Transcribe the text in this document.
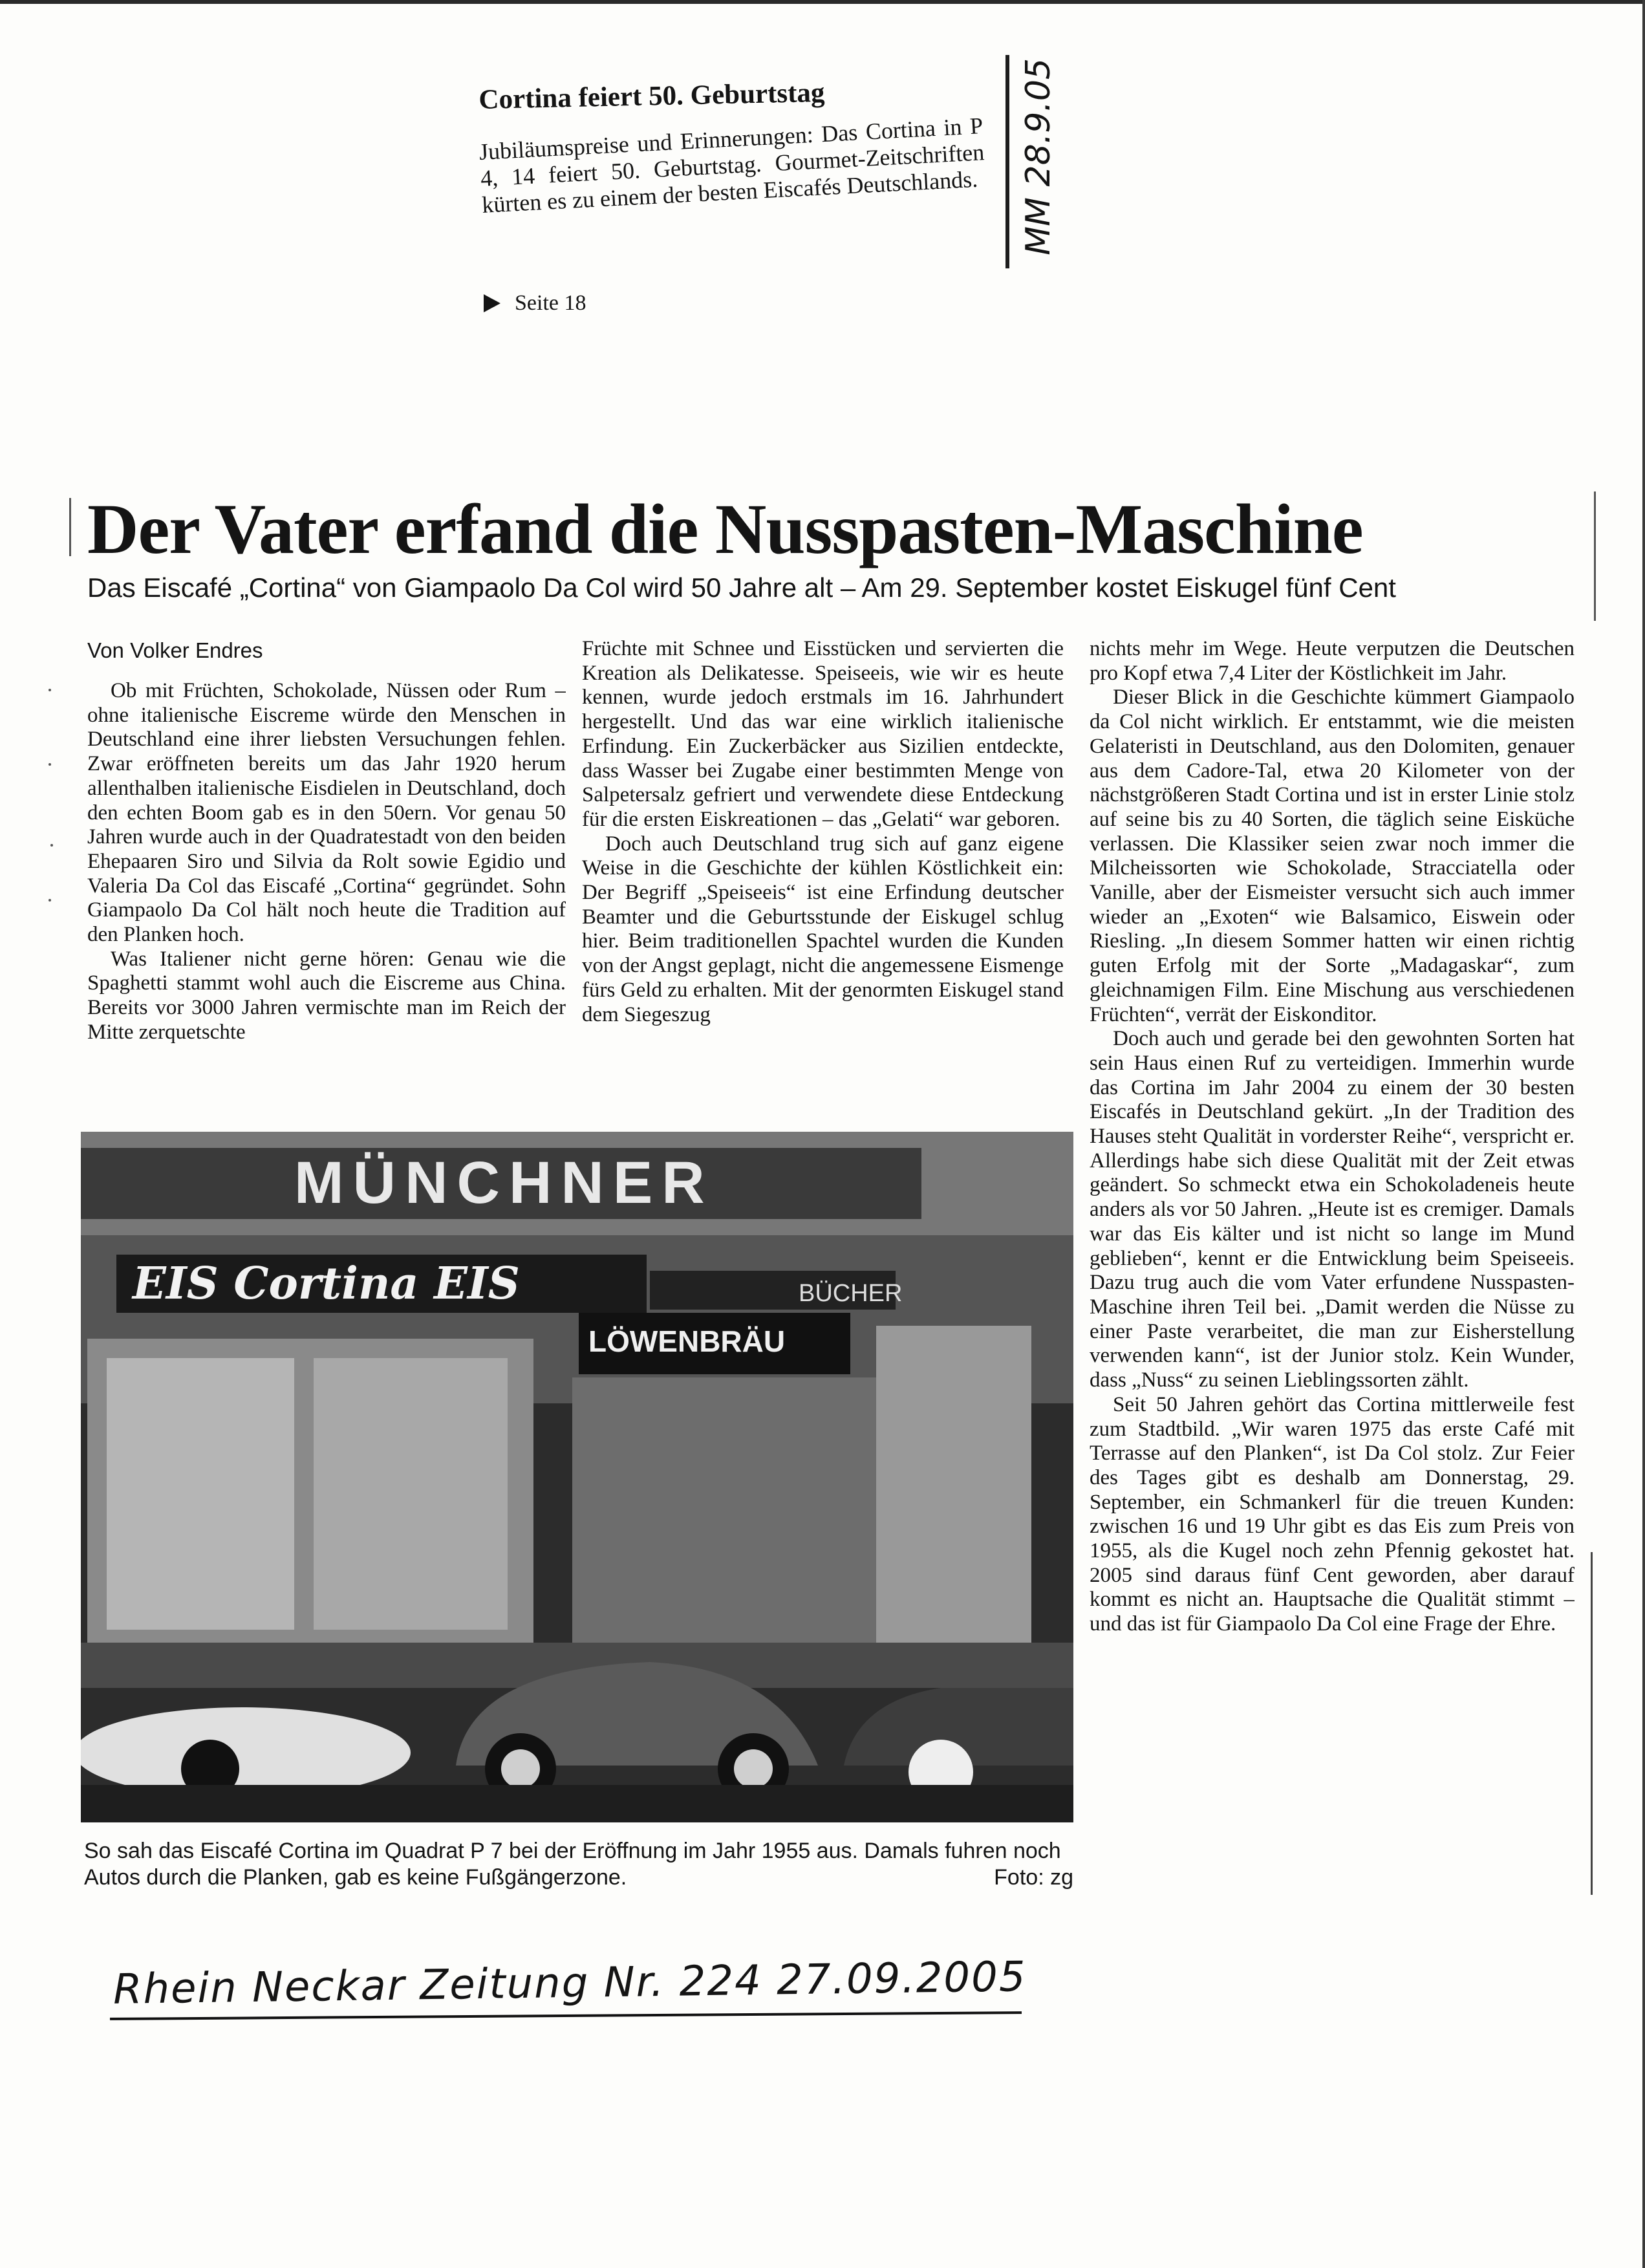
Cortina feiert 50. Geburtstag
Jubiläumspreise und Erinnerungen: Das Cortina in P 4, 14 feiert 50. Geburtstag. Gourmet-Zeitschriften kürten es zu einem der besten Eiscafés Deutschlands.
Seite 18
MM 28.9.05
Der Vater erfand die Nusspasten-Maschine
Das Eiscafé „Cortina“ von Giampaolo Da Col wird 50 Jahre alt – Am 29. September kostet Eiskugel fünf Cent
Von Volker Endres

Ob mit Früchten, Schokolade, Nüssen oder Rum – ohne italienische Eiscreme würde den Menschen in Deutschland eine ihrer liebsten Versuchungen fehlen. Zwar eröffneten bereits um das Jahr 1920 herum allenthalben italienische Eisdielen in Deutschland, doch den echten Boom gab es in den 50ern. Vor genau 50 Jahren wurde auch in der Quadratestadt von den beiden Ehepaaren Siro und Silvia da Rolt sowie Egidio und Valeria Da Col das Eiscafé „Cortina“ gegründet. Sohn Giampaolo Da Col hält noch heute die Tradition auf den Planken hoch.

Was Italiener nicht gerne hören: Genau wie die Spaghetti stammt wohl auch die Eiscreme aus China. Bereits vor 3000 Jahren vermischte man im Reich der Mitte zerquetschte

Früchte mit Schnee und Eisstücken und servierten die Kreation als Delikatesse. Speiseeis, wie wir es heute kennen, wurde jedoch erstmals im 16. Jahrhundert hergestellt. Und das war eine wirklich italienische Erfindung. Ein Zuckerbäcker aus Sizilien entdeckte, dass Wasser bei Zugabe einer bestimmten Menge von Salpetersalz gefriert und verwendete diese Entdeckung für die ersten Eiskreationen – das „Gelati“ war geboren.

Doch auch Deutschland trug sich auf ganz eigene Weise in die Geschichte der kühlen Köstlichkeit ein: Der Begriff „Speiseeis“ ist eine Erfindung deutscher Beamter und die Geburtsstunde der Eiskugel schlug hier. Beim traditionellen Spachtel wurden die Kunden von der Angst geplagt, nicht die angemessene Eismenge fürs Geld zu erhalten. Mit der genormten Eiskugel stand dem Siegeszug

nichts mehr im Wege. Heute verputzen die Deutschen pro Kopf etwa 7,4 Liter der Köstlichkeit im Jahr.

Dieser Blick in die Geschichte kümmert Giampaolo da Col nicht wirklich. Er entstammt, wie die meisten Gelateristi in Deutschland, aus den Dolomiten, genauer aus dem Cadore-Tal, etwa 20 Kilometer von der nächstgrößeren Stadt Cortina und ist in erster Linie stolz auf seine bis zu 40 Sorten, die täglich seine Eisküche verlassen. Die Klassiker seien zwar noch immer die Milcheissorten wie Schokolade, Stracciatella oder Vanille, aber der Eismeister versucht sich auch immer wieder an „Exoten“ wie Balsamico, Eiswein oder Riesling. „In diesem Sommer hatten wir einen richtig guten Erfolg mit der Sorte „Madagaskar“, zum gleichnamigen Film. Eine Mischung aus verschiedenen Früchten“, verrät der Eiskonditor.

Doch auch und gerade bei den gewohnten Sorten hat sein Haus einen Ruf zu verteidigen. Immerhin wurde das Cortina im Jahr 2004 zu einem der 30 besten Eiscafés in Deutschland gekürt. „In der Tradition des Hauses steht Qualität in vorderster Reihe“, verspricht er. Allerdings habe sich diese Qualität mit der Zeit etwas geändert. So schmeckt etwa ein Schokoladeneis heute anders als vor 50 Jahren. „Heute ist es cremiger. Damals war das Eis kälter und ist nicht so lange im Mund geblieben“, kennt er die Entwicklung beim Speiseeis. Dazu trug auch die vom Vater erfundene Nusspasten-Maschine ihren Teil bei. „Damit werden die Nüsse zu einer Paste verarbeitet, die man zur Eisherstellung verwenden kann“, ist der Junior stolz. Kein Wunder, dass „Nuss“ zu seinen Lieblingssorten zählt.

Seit 50 Jahren gehört das Cortina mittlerweile fest zum Stadtbild. „Wir waren 1975 das erste Café mit Terrasse auf den Planken“, ist Da Col stolz. Zur Feier des Tages gibt es deshalb am Donnerstag, 29. September, ein Schmankerl für die treuen Kunden: zwischen 16 und 19 Uhr gibt es das Eis zum Preis von 1955, als die Kugel noch zehn Pfennig gekostet hat. 2005 sind daraus fünf Cent geworden, aber darauf kommt es nicht an. Hauptsache die Qualität stimmt – und das ist für Giampaolo Da Col eine Frage der Ehre.

MÜNCHNER
EIS Cortina EIS	BÜCHER
LÖWENBRÄU
So sah das Eiscafé Cortina im Quadrat P 7 bei der Eröffnung im Jahr 1955 aus. Damals fuhren noch Autos durch die Planken, gab es keine Fußgängerzone.	Foto: zg
Rhein Neckar Zeitung Nr. 224 27.09.2005
